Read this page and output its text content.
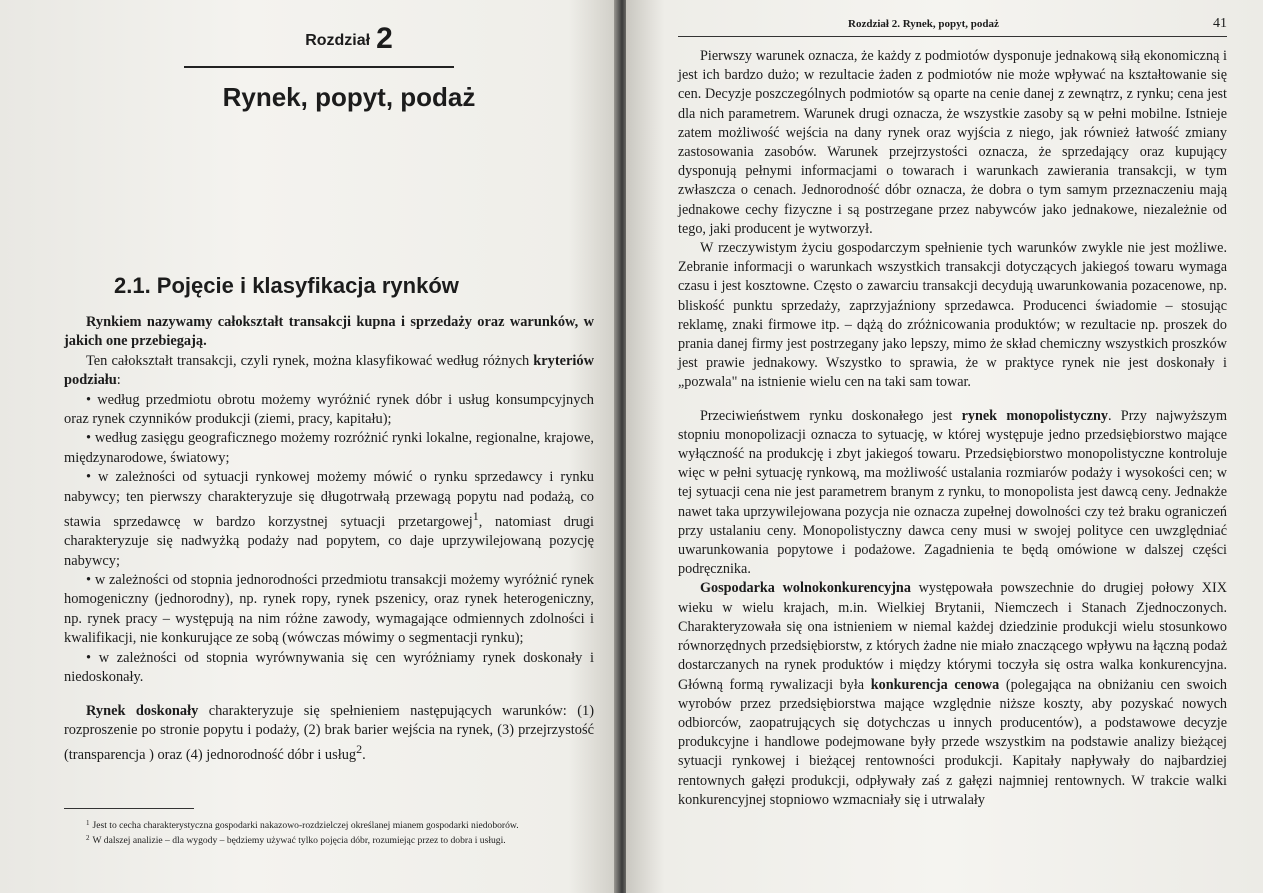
Rozdział 2
Rynek, popyt, podaż
2.1. Pojęcie i klasyfikacja rynków

Rynkiem nazywamy całokształt transakcji kupna i sprzedaży oraz warunków, w jakich one przebiegają.

Ten całokształt transakcji, czyli rynek, można klasyfikować według różnych kryteriów podziału:

• według przedmiotu obrotu możemy wyróżnić rynek dóbr i usług konsumpcyjnych oraz rynek czynników produkcji (ziemi, pracy, kapitału);

• według zasięgu geograficznego możemy rozróżnić rynki lokalne, regionalne, krajowe, międzynarodowe, światowy;

• w zależności od sytuacji rynkowej możemy mówić o rynku sprzedawcy i rynku nabywcy; ten pierwszy charakteryzuje się długotrwałą przewagą popytu nad podażą, co stawia sprzedawcę w bardzo korzystnej sytuacji przetargowej$^1$, natomiast drugi charakteryzuje się nadwyżką podaży nad popytem, co daje uprzywilejowaną pozycję nabywcy;

• w zależności od stopnia jednorodności przedmiotu transakcji możemy wyróżnić rynek homogeniczny (jednorodny), np. rynek ropy, rynek pszenicy, oraz rynek heterogeniczny, np. rynek pracy – występują na nim różne zawody, wymagające odmiennych zdolności i kwalifikacji, nie konkurujące ze sobą (wówczas mówimy o segmentacji rynku);

• w zależności od stopnia wyrównywania się cen wyróżniamy rynek doskonały i niedoskonały.

Rynek doskonały charakteryzuje się spełnieniem następujących warunków: (1) rozproszenie po stronie popytu i podaży, (2) brak barier wejścia na rynek, (3) przejrzystość (transparencja ) oraz (4) jednorodność dóbr i usług$^2$.

$^1$ Jest to cecha charakterystyczna gospodarki nakazowo-rozdzielczej określanej mianem gospodarki niedoborów.

$^2$ W dalszej analizie – dla wygody – będziemy używać tylko pojęcia dóbr, rozumiejąc przez to dobra i usługi.

Rozdział 2. Rynek, popyt, podaż	41

Pierwszy warunek oznacza, że każdy z podmiotów dysponuje jednakową siłą ekonomiczną i jest ich bardzo dużo; w rezultacie żaden z podmiotów nie może wpływać na kształtowanie się cen. Decyzje poszczególnych podmiotów są oparte na cenie danej z zewnątrz, z rynku; cena jest dla nich parametrem. Warunek drugi oznacza, że wszystkie zasoby są w pełni mobilne. Istnieje zatem możliwość wejścia na dany rynek oraz wyjścia z niego, jak również łatwość zmiany zastosowania zasobów. Warunek przejrzystości oznacza, że sprzedający oraz kupujący dysponują pełnymi informacjami o towarach i warunkach zawierania transakcji, w tym zwłaszcza o cenach. Jednorodność dóbr oznacza, że dobra o tym samym przeznaczeniu mają jednakowe cechy fizyczne i są postrzegane przez nabywców jako jednakowe, niezależnie od tego, jaki producent je wytworzył.

W rzeczywistym życiu gospodarczym spełnienie tych warunków zwykle nie jest możliwe. Zebranie informacji o warunkach wszystkich transakcji dotyczących jakiegoś towaru wymaga czasu i jest kosztowne. Często o zawarciu transakcji decydują uwarunkowania pozacenowe, np. bliskość punktu sprzedaży, zaprzyjaźniony sprzedawca. Producenci świadomie – stosując reklamę, znaki firmowe itp. – dążą do zróżnicowania produktów; w rezultacie np. proszek do prania danej firmy jest postrzegany jako lepszy, mimo że skład chemiczny wszystkich proszków jest prawie jednakowy. Wszystko to sprawia, że w praktyce rynek nie jest doskonały i „pozwala" na istnienie wielu cen na taki sam towar.

Przeciwieństwem rynku doskonałego jest rynek monopolistyczny. Przy najwyższym stopniu monopolizacji oznacza to sytuację, w której występuje jedno przedsiębiorstwo mające wyłączność na produkcję i zbyt jakiegoś towaru. Przedsiębiorstwo monopolistyczne kontroluje więc w pełni sytuację rynkową, ma możliwość ustalania rozmiarów podaży i wysokości cen; w tej sytuacji cena nie jest parametrem branym z rynku, to monopolista jest dawcą ceny. Jednakże nawet taka uprzywilejowana pozycja nie oznacza zupełnej dowolności czy też braku ograniczeń przy ustalaniu ceny. Monopolistyczny dawca ceny musi w swojej polityce cen uwzględniać uwarunkowania popytowe i podażowe. Zagadnienia te będą omówione w dalszej części podręcznika.

Gospodarka wolnokonkurencyjna występowała powszechnie do drugiej połowy XIX wieku w wielu krajach, m.in. Wielkiej Brytanii, Niemczech i Stanach Zjednoczonych. Charakteryzowała się ona istnieniem w niemal każdej dziedzinie produkcji wielu stosunkowo równorzędnych przedsiębiorstw, z których żadne nie miało znaczącego wpływu na łączną podaż dostarczanych na rynek produktów i między którymi toczyła się ostra walka konkurencyjna. Główną formą rywalizacji była konkurencja cenowa (polegająca na obniżaniu cen swoich wyrobów przez przedsiębiorstwa mające względnie niższe koszty, aby pozyskać nowych odbiorców, zaopatrujących się dotychczas u innych producentów), a podstawowe decyzje produkcyjne i handlowe podejmowane były przede wszystkim na podstawie analizy bieżącej sytuacji rynkowej i bieżącej rentowności produkcji. Kapitały napływały do najbardziej rentownych gałęzi produkcji, odpływały zaś z gałęzi najmniej rentownych. W trakcie walki konkurencyjnej stopniowo wzmacniały się i utrwalały
